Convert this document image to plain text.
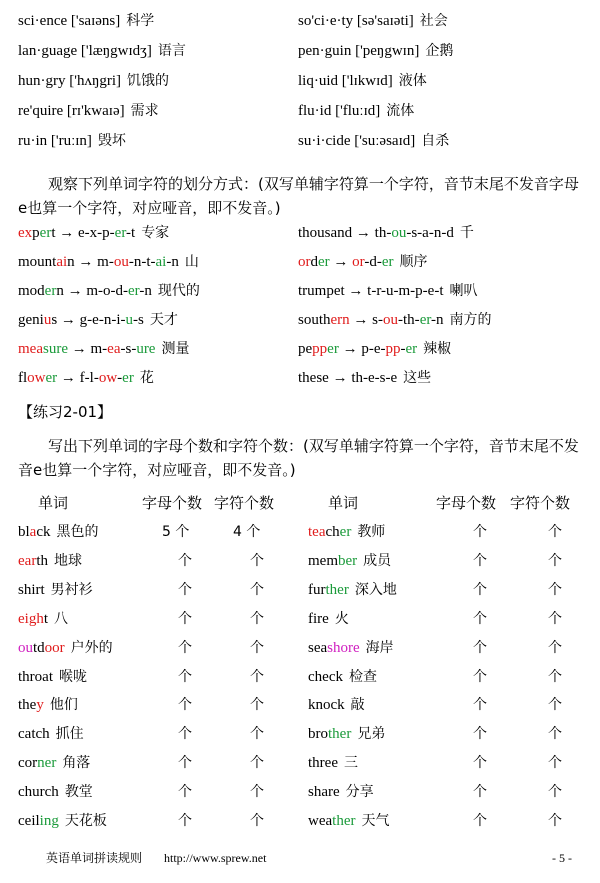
sci·ence ['saɪəns] 科学	so'ci·e·ty [sə'saɪəti] 社会
lan·guage ['læŋgwɪdʒ] 语言	pen·guin ['peŋgwɪn] 企鹅
hun·gry ['hʌŋgri] 饥饿的	liq·uid ['lɪkwɪd] 液体
re'quire [rɪ'kwaɪə] 需求	flu·id ['fluːɪd] 流体
ru·in ['ruːɪn] 毁坏	su·i·cide ['suːəsaɪd] 自杀
观察下列单词字符的划分方式：(双写单辅字符算一个字符，音节末尾不发音字母e也算一个字符，对应哑音，即不发音。)
expert → e-x-p-er-t 专家	thousand → th-ou-s-a-n-d 千
mountain → m-ou-n-t-ai-n 山	order → or-d-er 顺序
modern → m-o-d-er-n 现代的	trumpet → t-r-u-m-p-e-t 喇叭
genius → g-e-n-i-u-s 天才	southern → s-ou-th-er-n 南方的
measure → m-ea-s-ure 测量	pepper → p-e-pp-er 辣椒
flower → f-l-ow-er 花	these → th-e-s-e 这些
【练习2-01】
写出下列单词的字母个数和字符个数：(双写单辅字符算一个字符，音节末尾不发音e也算一个字符，对应哑音，即不发音。)
单词	字母个数 字符个数	单词	字母个数 字符个数
black 黑色的	5 个	4 个	teacher 教师	个	个
earth 地球	个	个	member 成员	个	个
shirt 男衬衫	个	个	further 深入地	个	个
eight 八	个	个	fire 火	个	个
outdoor 户外的	个	个	seashore 海岸	个	个
throat 喉咙	个	个	check 检查	个	个
they 他们	个	个	knock 敲	个	个
catch 抓住	个	个	brother 兄弟	个	个
corner 角落	个	个	three 三	个	个
church 教堂	个	个	share 分享	个	个
ceiling 天花板	个	个	weather 天气	个	个
英语单词拼读规则 http://www.sprew.net	- 5 -
